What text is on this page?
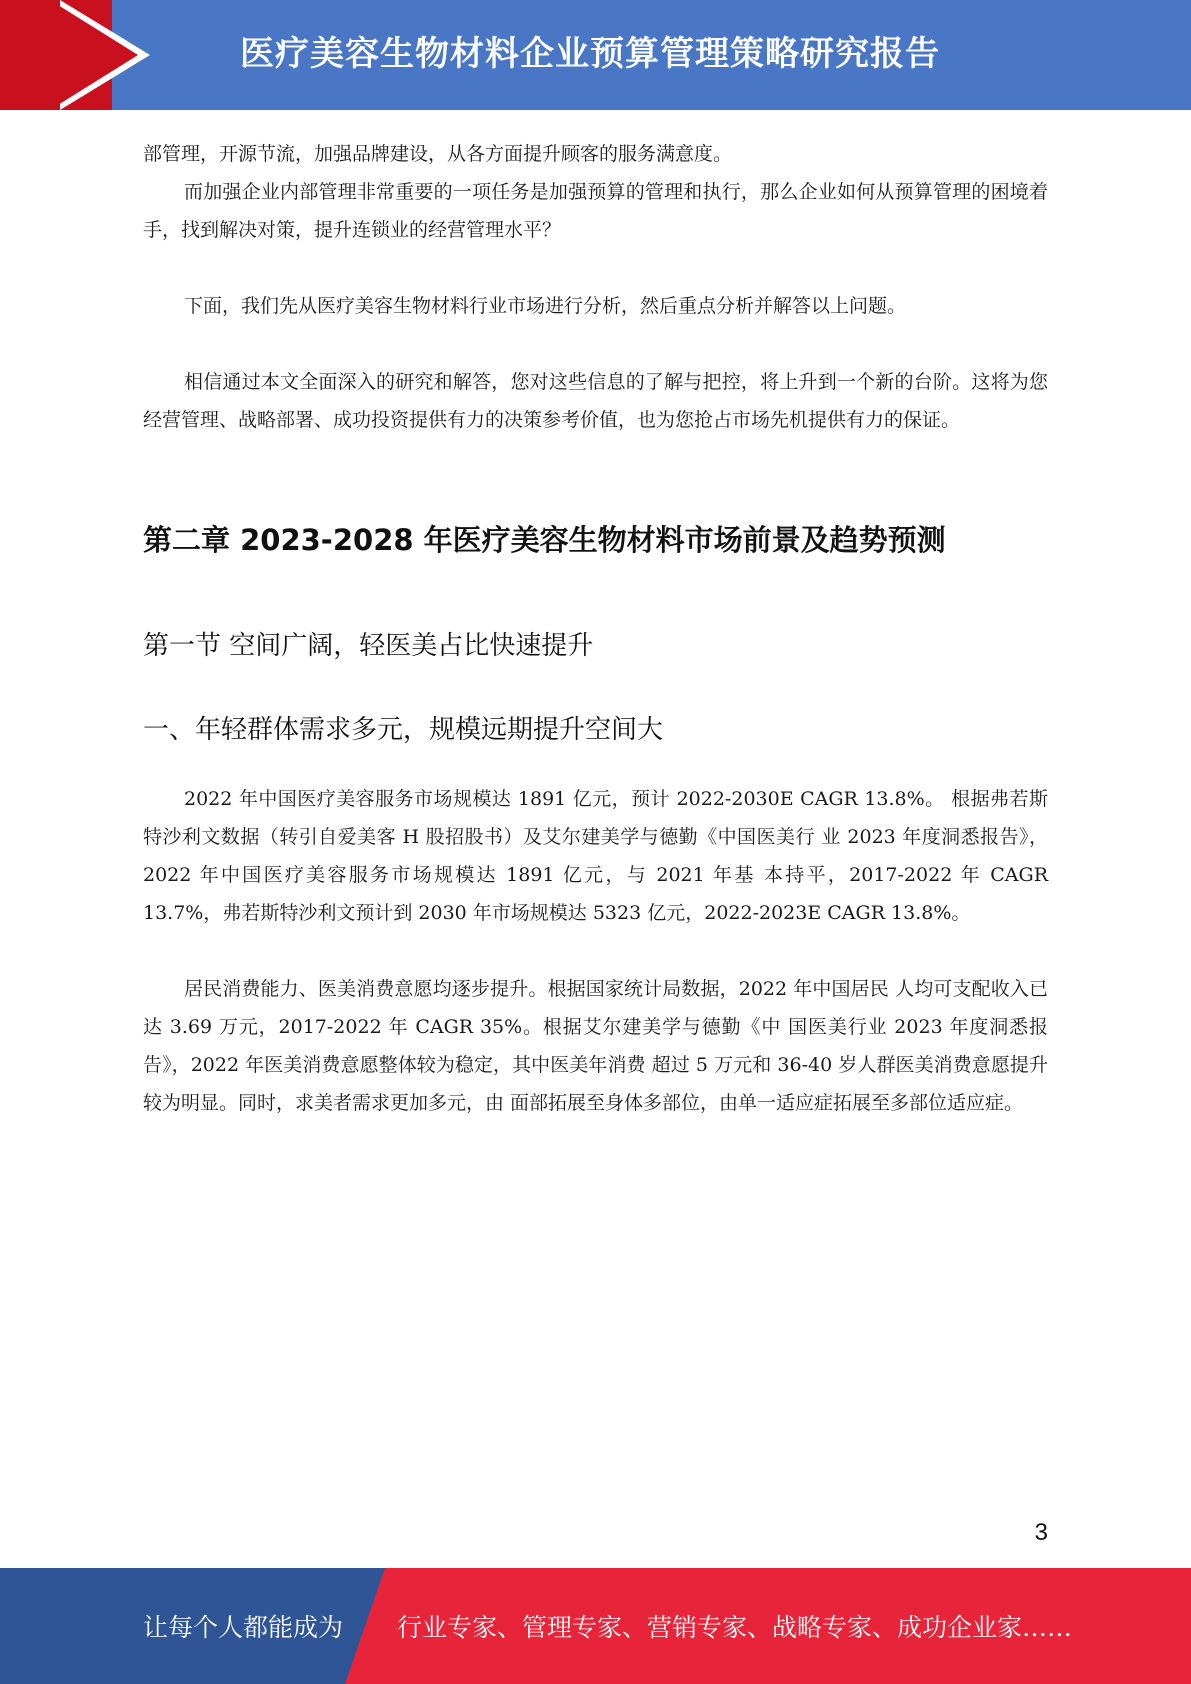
医疗美容生物材料企业预算管理策略研究报告

部管理，开源节流，加强品牌建设，从各方面提升顾客的服务满意度。

而加强企业内部管理非常重要的一项任务是加强预算的管理和执行，那么企业如何从预算管理的困境着手，找到解决对策，提升连锁业的经营管理水平？

下面，我们先从医疗美容生物材料行业市场进行分析，然后重点分析并解答以上问题。

相信通过本文全面深入的研究和解答，您对这些信息的了解与把控，将上升到一个新的台阶。这将为您经营管理、战略部署、成功投资提供有力的决策参考价值，也为您抢占市场先机提供有力的保证。

第二章 2023-2028 年医疗美容生物材料市场前景及趋势预测
第一节 空间广阔，轻医美占比快速提升
一、年轻群体需求多元，规模远期提升空间大

2022 年中国医疗美容服务市场规模达 1891 亿元，预计 2022-2030E CAGR 13.8%。 根据弗若斯特沙利文数据（转引自爱美客 H 股招股书）及艾尔建美学与德勤《中国医美行 业 2023 年度洞悉报告》，2022 年中国医疗美容服务市场规模达 1891 亿元，与 2021 年基 本持平，2017-2022 年 CAGR 13.7%，弗若斯特沙利文预计到 2030 年市场规模达 5323 亿元，2022-2023E CAGR 13.8%。

居民消费能力、医美消费意愿均逐步提升。根据国家统计局数据，2022 年中国居民 人均可支配收入已达 3.69 万元，2017-2022 年 CAGR 35%。根据艾尔建美学与德勤《中 国医美行业 2023 年度洞悉报告》，2022 年医美消费意愿整体较为稳定，其中医美年消费 超过 5 万元和 36-40 岁人群医美消费意愿提升较为明显。同时，求美者需求更加多元，由 面部拓展至身体多部位，由单一适应症拓展至多部位适应症。

3
让每个人都能成为 行业专家、管理专家、营销专家、战略专家、成功企业家……
